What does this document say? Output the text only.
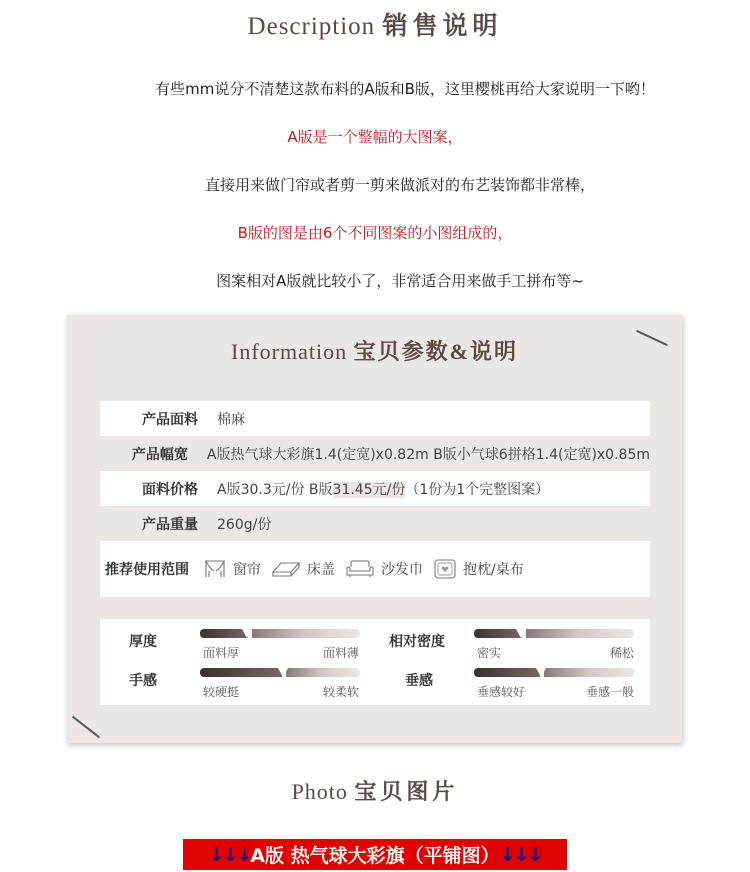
Description 销售说明
有些mm说分不清楚这款布料的A版和B版，这里樱桃再给大家说明一下哟！
A版是一个整幅的大图案，
直接用来做门帘或者剪一剪来做派对的布艺装饰都非常棒，
B版的图是由6个不同图案的小图组成的，
图案相对A版就比较小了，非常适合用来做手工拼布等~
Information 宝贝参数&说明
产品面料	棉麻
产品幅宽	A版热气球大彩旗1.4(定宽)x0.82m B版小气球6拼格1.4(定宽)x0.85m
面料价格	A版30.3元/份 B版31.45元/份（1份为1个完整图案）
产品重量	260g/份
推荐使用范围	窗帘	床盖	沙发巾	抱枕/桌布
厚度
面料厚	面料薄
相对密度
密实	稀松
手感
较硬挺	较柔软
垂感
垂感较好	垂感一般
Photo 宝贝图片
↓↓↓ A版 热气球大彩旗（平铺图） ↓↓↓
